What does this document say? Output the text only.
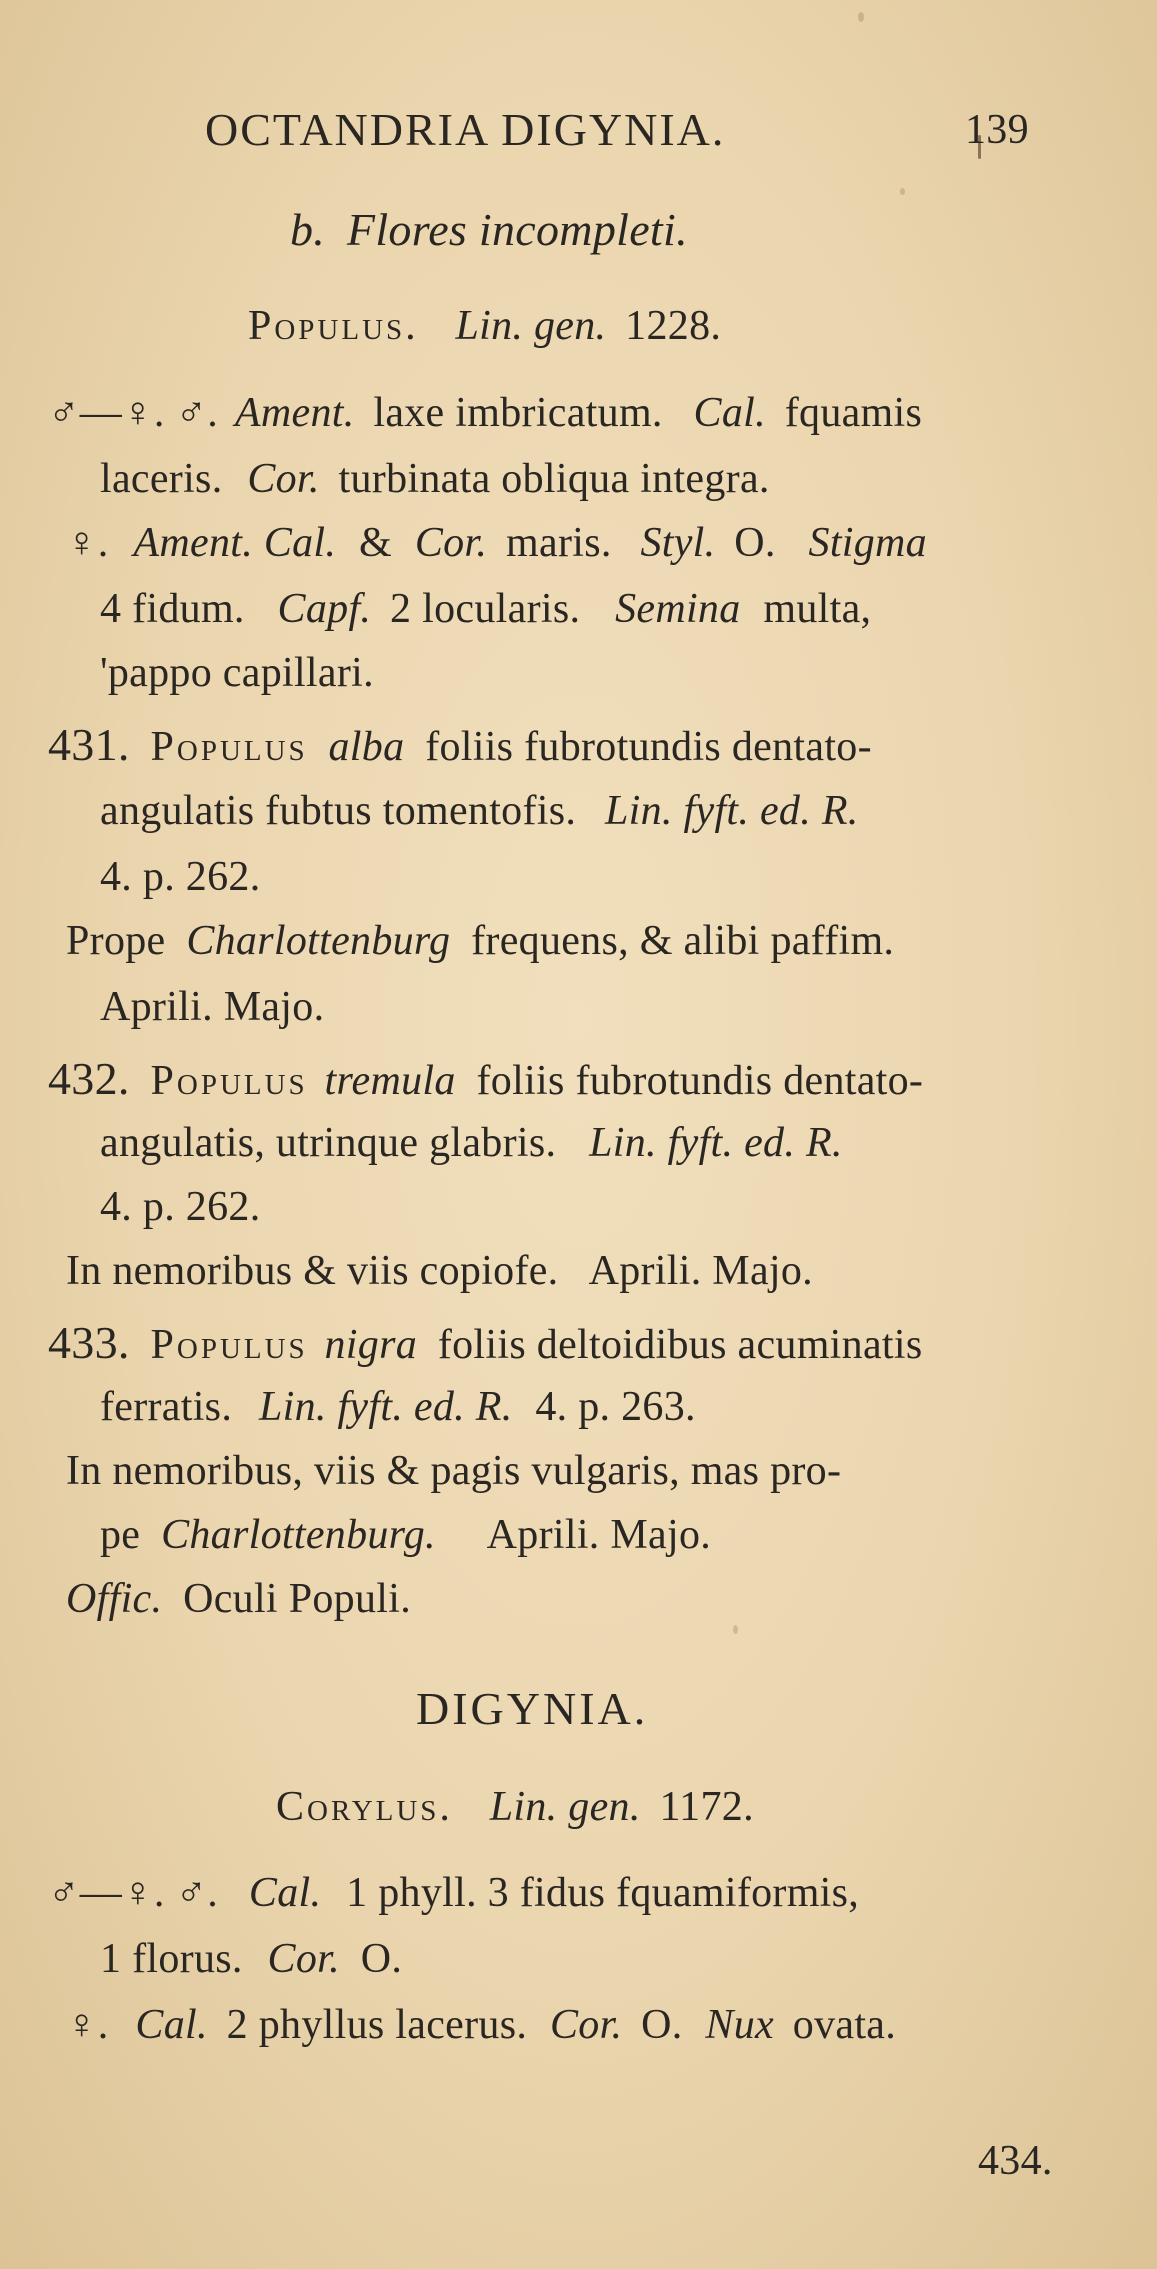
OCTANDRIA DIGYNIA.	139
b. Flores incompleti.
Populus. Lin. gen. 1228.
♂—♀. ♂. Ament. laxe imbricatum. Cal. fquamis
laceris. Cor. turbinata obliqua integra.
♀. Ament. Cal. & Cor. maris. Styl. O. Stigma
4 fidum. Capf. 2 locularis. Semina multa,
'pappo capillari.
431. Populus alba foliis fubrotundis dentato-
angulatis fubtus tomentofis. Lin. fyft. ed. R.
4. p. 262.
Prope Charlottenburg frequens, & alibi paffim.
Aprili. Majo.
432. Populus tremula foliis fubrotundis dentato-
angulatis, utrinque glabris. Lin. fyft. ed. R.
4. p. 262.
In nemoribus & viis copiofe.   Aprili. Majo.
433. Populus nigra foliis deltoidibus acuminatis
ferratis. Lin. fyft. ed. R. 4. p. 263.
In nemoribus, viis & pagis vulgaris, mas pro-
pe Charlottenburg. Aprili. Majo.
Offic. Oculi Populi.
DIGYNIA.
Corylus. Lin. gen. 1172.
♂—♀. ♂. Cal. 1 phyll. 3 fidus fquamiformis,
1 florus. Cor. O.
♀. Cal. 2 phyllus lacerus. Cor. O. Nux ovata.
434.
